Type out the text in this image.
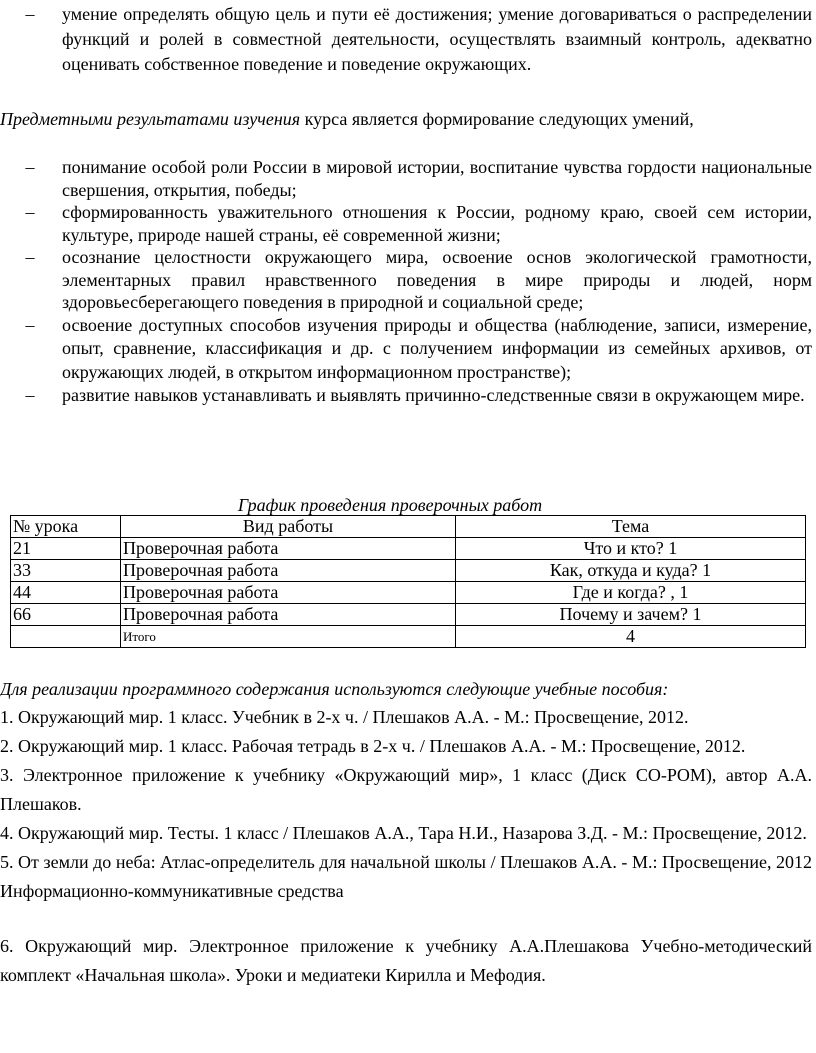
–	умение определять общую цель и пути её достижения; умение договариваться о распределении функций и ролей в совместной деятельности, осуществлять взаимный контроль, адекватно оценивать собственное поведение и поведение окружающих.
Предметными результатами изучения курса является формирование следующих умений,
–	понимание особой роли России в мировой истории, воспитание чувства гордости национальные свершения, открытия, победы;
–	сформированность уважительного отношения к России, родному краю, своей сем истории, культуре, природе нашей страны, её современной жизни;
–	осознание целостности окружающего мира, освоение основ экологической грамотности, элементарных правил нравственного поведения в мире природы и людей, норм здоровьесберегающего поведения в природной и социальной среде;
–	освоение доступных способов изучения природы и общества (наблюдение, записи, измерение, опыт, сравнение, классификация и др. с получением информации из семейных архивов, от окружающих людей, в открытом информационном пространстве);
–	развитие навыков устанавливать и выявлять причинно-следственные связи в окружающем мире.
График проведения проверочных работ
№ урока	Вид работы	Тема
21	Проверочная работа	Что и кто? 1
33	Проверочная работа	Как, откуда и куда? 1
44	Проверочная работа	Где и когда? , 1
66	Проверочная работа	Почему и зачем? 1
	Итого	4
Для реализации программного содержания используются следующие учебные пособия:
1. Окружающий мир. 1 класс. Учебник в 2-х ч. / Плешаков А.А. - М.: Просвещение, 2012.
2. Окружающий мир. 1 класс. Рабочая тетрадь в 2-х ч. / Плешаков А.А. - М.: Просвещение, 2012.
3. Электронное приложение к учебнику «Окружающий мир», 1 класс (Диск CO-POM), автор А.А. Плешаков.
4. Окружающий мир. Тесты. 1 класс / Плешаков А.А., Тара Н.И., Назарова З.Д. - М.: Просвещение, 2012.
5. От земли до неба: Атлас-определитель для начальной школы / Плешаков А.А. - М.: Просвещение, 2012 Информационно-коммуникативные средства
6. Окружающий мир. Электронное приложение к учебнику А.А.Плешакова Учебно-методический комплект «Начальная школа». Уроки и медиатеки Кирилла и Мефодия.
